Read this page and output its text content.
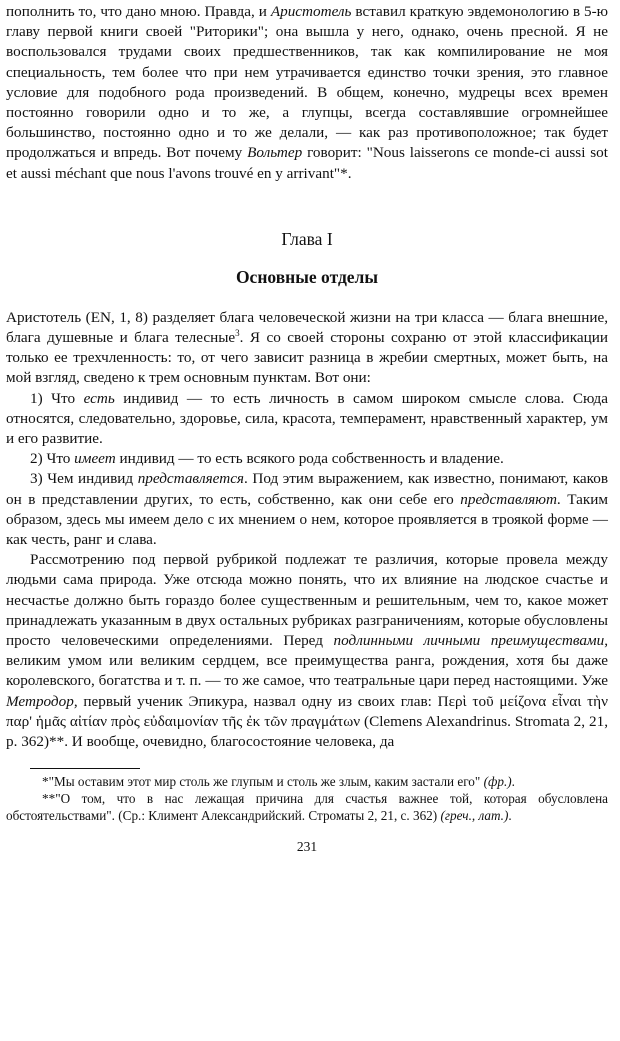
пополнить то, что дано мною. Правда, и Аристотель вставил краткую эвдемонологию в 5-ю главу первой книги своей "Риторики"; она вышла у него, однако, очень пресной. Я не воспользовался трудами своих предшественников, так как компилирование не моя специальность, тем более что при нем утрачивается единство точки зрения, это главное условие для подобного рода произведений. В общем, конечно, мудрецы всех времен постоянно говорили одно и то же, а глупцы, всегда составлявшие огромнейшее большинство, постоянно одно и то же делали, — как раз противоположное; так будет продолжаться и впредь. Вот почему Вольтер говорит: "Nous laisserons ce monde-ci aussi sot et aussi méchant que nous l'avons trouvé en y arrivant"*.

Глава I
Основные отделы

Аристотель (EN, 1, 8) разделяет блага человеческой жизни на три класса — блага внешние, блага душевные и блага телесные$^3$. Я со своей стороны сохраню от этой классификации только ее трехчленность: то, от чего зависит разница в жребии смертных, может быть, на мой взгляд, сведено к трем основным пунктам. Вот они:

1) Что есть индивид — то есть личность в самом широком смысле слова. Сюда относятся, следовательно, здоровье, сила, красота, темперамент, нравственный характер, ум и его развитие.

2) Что имеет индивид — то есть всякого рода собственность и владение.

3) Чем индивид представляется. Под этим выражением, как известно, понимают, каков он в представлении других, то есть, собственно, как они себе его представляют. Таким образом, здесь мы имеем дело с их мнением о нем, которое проявляется в троякой форме — как честь, ранг и слава.

Рассмотрению под первой рубрикой подлежат те различия, которые провела между людьми сама природа. Уже отсюда можно понять, что их влияние на людское счастье и несчастье должно быть гораздо более существенным и решительным, чем то, какое может принадлежать указанным в двух остальных рубриках разграничениям, которые обусловлены просто человеческими определениями. Перед подлинными личными преимуществами, великим умом или великим сердцем, все преимущества ранга, рождения, хотя бы даже королевского, богатства и т. п. — то же самое, что театральные цари перед настоящими. Уже Метродор, первый ученик Эпикура, назвал одну из своих глав: Περὶ τοῦ μείζονα εἶναι τὴν παρ' ἡμᾶς αἰτίαν πρὸς εὐδαιμονίαν τῆς ἐκ τῶν πραγμάτων (Clemens Alexandrinus. Stromata 2, 21, p. 362)**. И вообще, очевидно, благосостояние человека, да

*"Мы оставим этот мир столь же глупым и столь же злым, каким застали его" (фр.).

**"О том, что в нас лежащая причина для счастья важнее той, которая обусловлена обстоятельствами". (Ср.: Климент Александрийский. Строматы 2, 21, с. 362) (греч., лат.).

231
